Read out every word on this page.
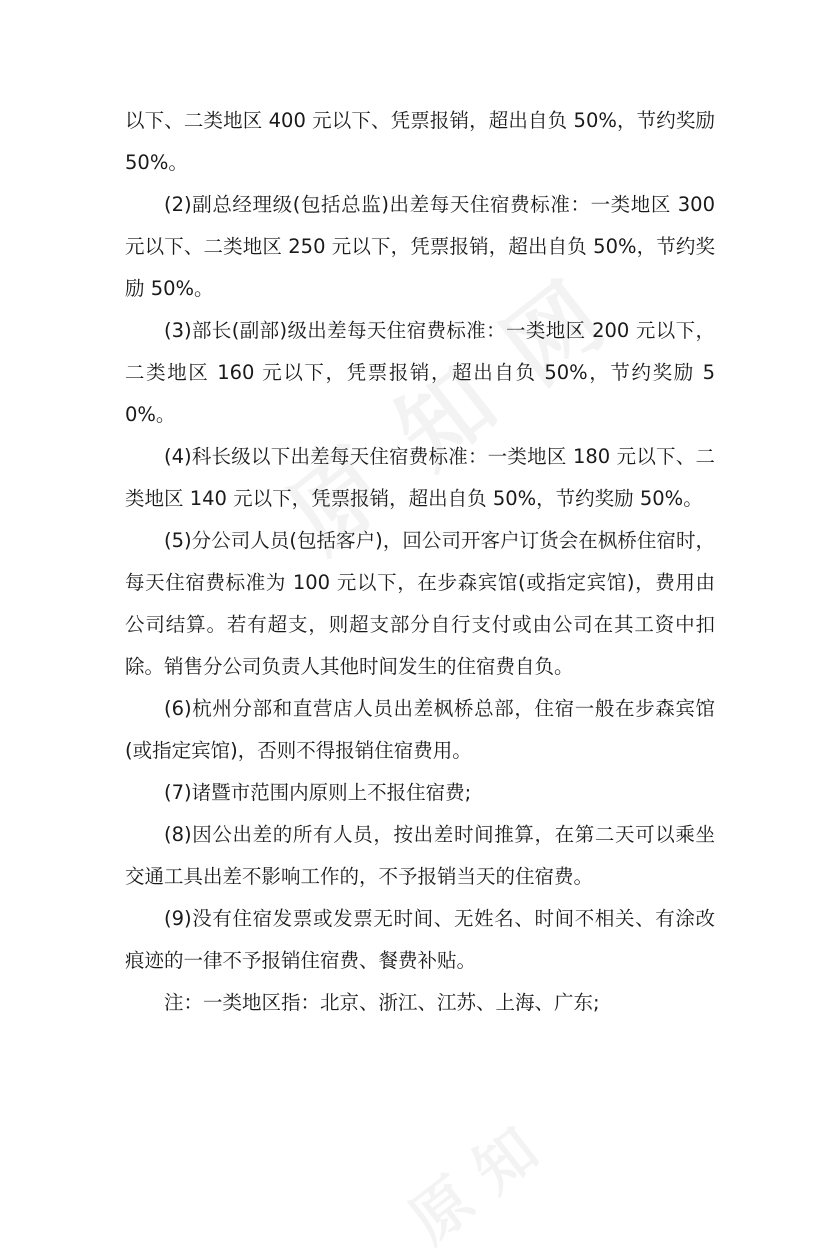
以下、二类地区 400 元以下、凭票报销，超出自负 50%，节约奖励 50%。

(2)副总经理级(包括总监)出差每天住宿费标准：一类地区 300 元以下、二类地区 250 元以下，凭票报销，超出自负 50%，节约奖励 50%。

(3)部长(副部)级出差每天住宿费标准：一类地区 200 元以下，二类地区 160 元以下，凭票报销，超出自负 50%，节约奖励 50%。

(4)科长级以下出差每天住宿费标准：一类地区 180 元以下、二类地区 140 元以下，凭票报销，超出自负 50%，节约奖励 50%。

(5)分公司人员(包括客户)，回公司开客户订货会在枫桥住宿时，每天住宿费标准为 100 元以下，在步森宾馆(或指定宾馆)，费用由公司结算。若有超支，则超支部分自行支付或由公司在其工资中扣除。销售分公司负责人其他时间发生的住宿费自负。

(6)杭州分部和直营店人员出差枫桥总部，住宿一般在步森宾馆(或指定宾馆)，否则不得报销住宿费用。

(7)诸暨市范围内原则上不报住宿费;

(8)因公出差的所有人员，按出差时间推算，在第二天可以乘坐交通工具出差不影响工作的，不予报销当天的住宿费。

(9)没有住宿发票或发票无时间、无姓名、时间不相关、有涂改痕迹的一律不予报销住宿费、餐费补贴。

注：一类地区指：北京、浙江、江苏、上海、广东;
